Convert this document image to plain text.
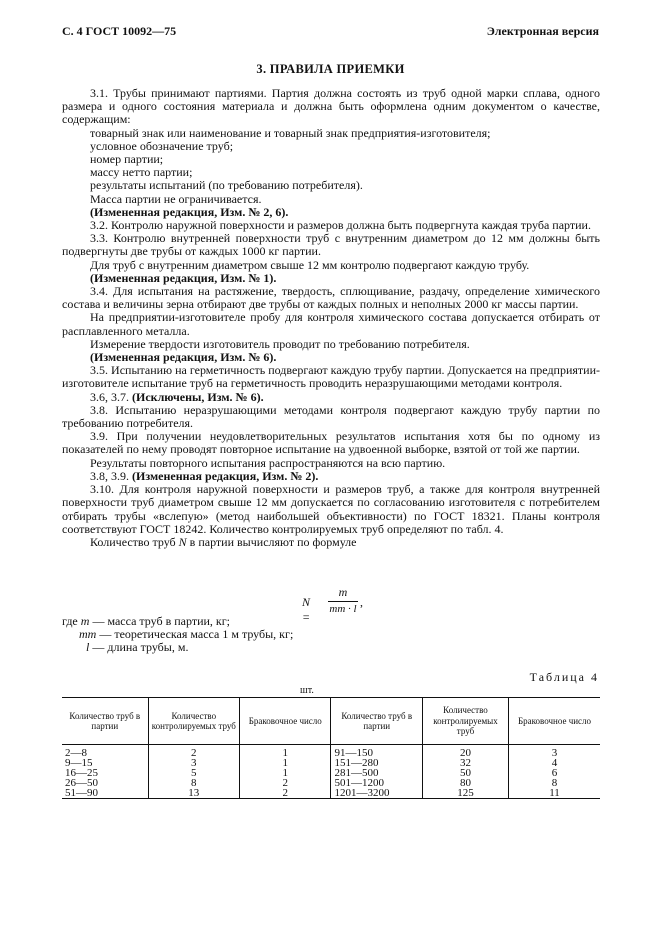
С. 4 ГОСТ 10092—75	Электронная версия
3. ПРАВИЛА ПРИЕМКИ

3.1. Трубы принимают партиями. Партия должна состоять из труб одной марки сплава, одного размера и одного состояния материала и должна быть оформлена одним документом о качестве, содержащим:

товарный знак или наименование и товарный знак предприятия-изготовителя;

условное обозначение труб;

номер партии;

массу нетто партии;

результаты испытаний (по требованию потребителя).

Масса партии не ограничивается.

(Измененная редакция, Изм. № 2, 6).

3.2. Контролю наружной поверхности и размеров должна быть подвергнута каждая труба партии.

3.3. Контролю внутренней поверхности труб с внутренним диаметром до 12 мм должны быть подвергнуты две трубы от каждых 1000 кг партии.

Для труб с внутренним диаметром свыше 12 мм контролю подвергают каждую трубу.

(Измененная редакция, Изм. № 1).

3.4. Для испытания на растяжение, твердость, сплющивание, раздачу, определение химического состава и величины зерна отбирают две трубы от каждых полных и неполных 2000 кг массы партии.

На предприятии-изготовителе пробу для контроля химического состава допускается отбирать от расплавленного металла.

Измерение твердости изготовитель проводит по требованию потребителя.

(Измененная редакция, Изм. № 6).

3.5. Испытанию на герметичность подвергают каждую трубу партии. Допускается на предприятии-изготовителе испытание труб на герметичность проводить неразрушающими методами контроля.

3.6, 3.7. (Исключены, Изм. № 6).

3.8. Испытанию неразрушающими методами контроля подвергают каждую трубу партии по требованию потребителя.

3.9. При получении неудовлетворительных результатов испытания хотя бы по одному из показателей по нему проводят повторное испытание на удвоенной выборке, взятой от той же партии.

Результаты повторного испытания распространяются на всю партию.

3.8, 3.9. (Измененная редакция, Изм. № 2).

3.10. Для контроля наружной поверхности и размеров труб, а также для контроля внутренней поверхности труб диаметром свыше 12 мм допускается по согласованию изготовителя с потребителем отбирать трубы «вслепую» (метод наибольшей объективности) по ГОСТ 18321. Планы контроля соответствуют ГОСТ 18242. Количество контролируемых труб определяют по табл. 4.

Количество труб N в партии вычисляют по формуле

N =
m
mт · l ,
где m — масса труб в партии, кг;
mт — теоретическая масса 1 м трубы, кг;
l — длина трубы, м.
Таблица 4
шт.
Количество труб в партии	Количество контролируемых труб	Браковочное число	Количество труб в партии	Количество контролируемых труб	Браковочное число
2—8	2	1	91—150	20	3
9—15	3	1	151—280	32	4
16—25	5	1	281—500	50	6
26—50	8	2	501—1200	80	8
51—90	13	2	1201—3200	125	11
